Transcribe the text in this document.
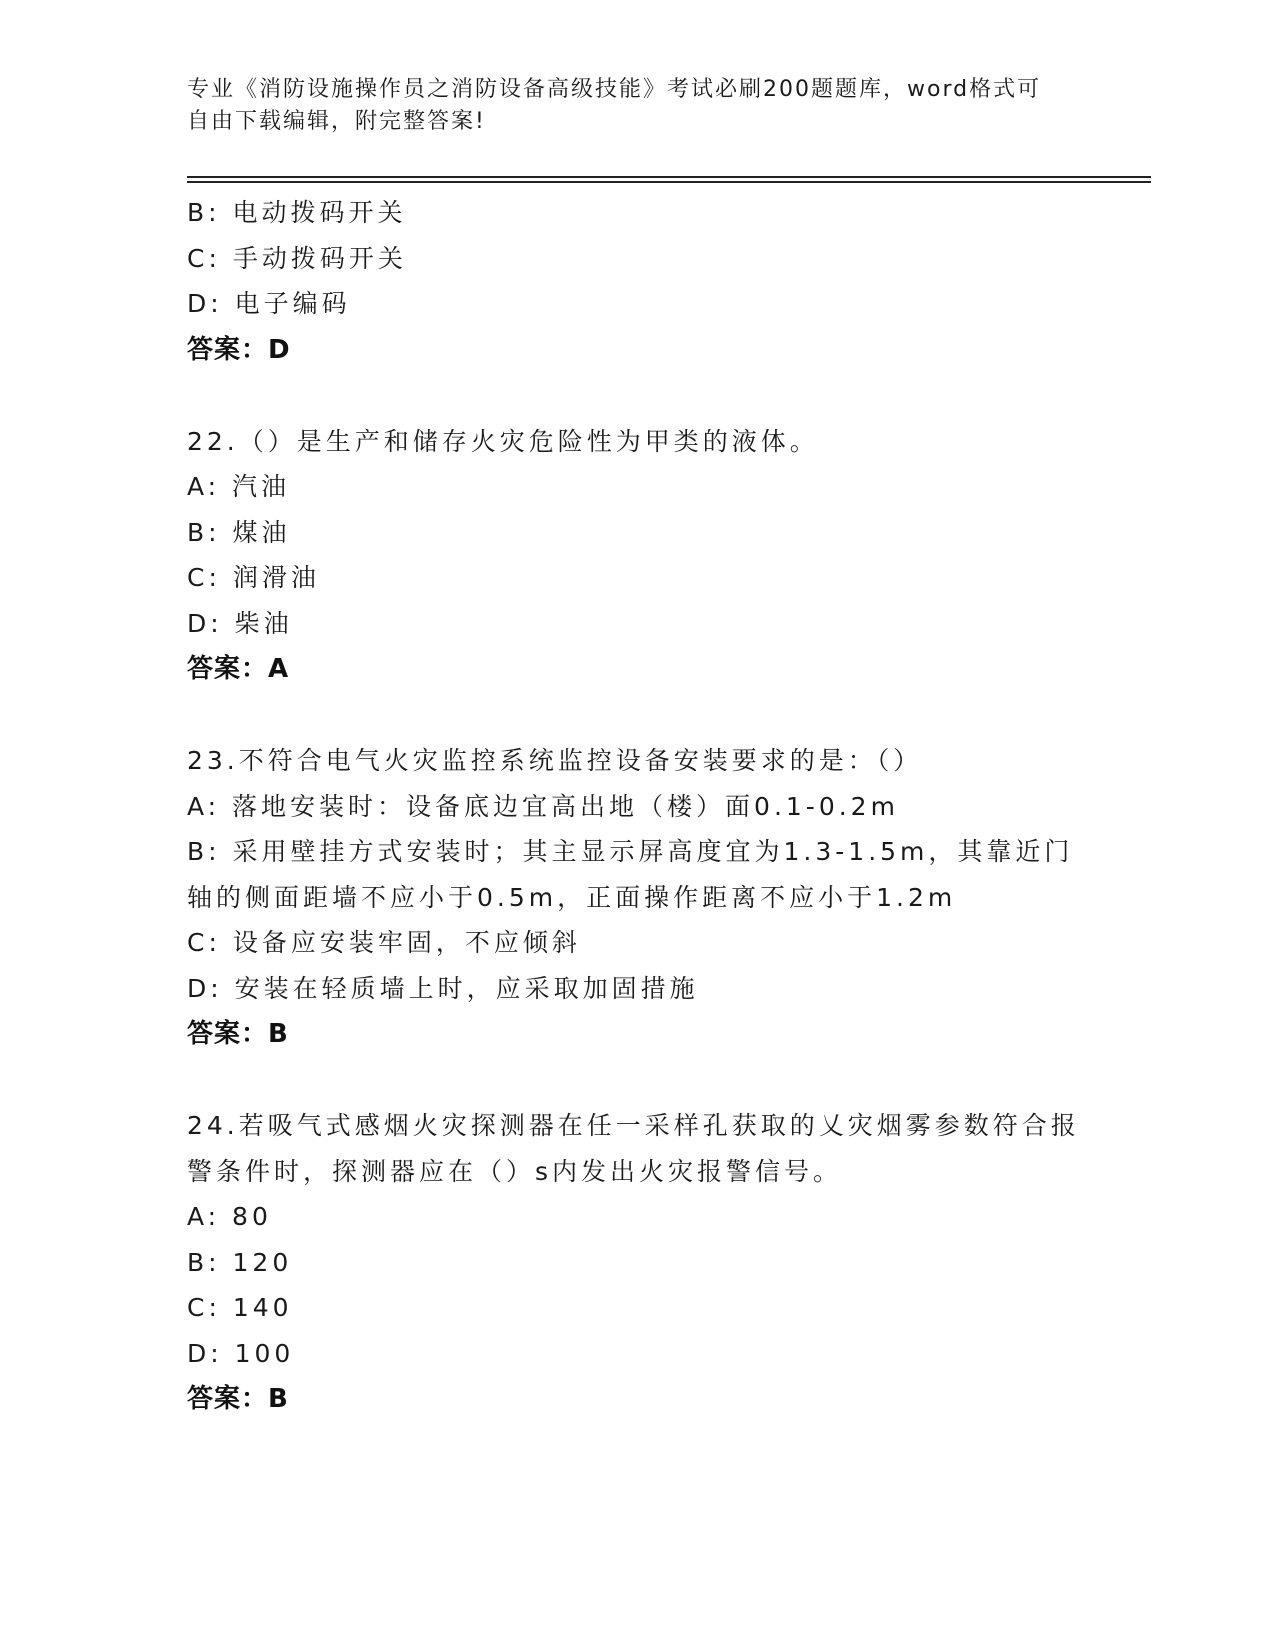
专业《消防设施操作员之消防设备高级技能》考试必刷200题题库，word格式可
自由下载编辑，附完整答案!
B: 电动拨码开关
C: 手动拨码开关
D: 电子编码
答案：D
22.（）是生产和储存火灾危险性为甲类的液体。
A: 汽油
B: 煤油
C: 润滑油
D: 柴油
答案：A
23.不符合电气火灾监控系统监控设备安装要求的是：（）
A: 落地安装时：设备底边宜高出地（楼）面0.1-0.2m
B: 采用壁挂方式安装时；其主显示屏高度宜为1.3-1.5m，其靠近门轴的侧面距墙不应小于0.5m，正面操作距离不应小于1.2m
C: 设备应安装牢固，不应倾斜
D: 安装在轻质墙上时，应采取加固措施
答案：B
24.若吸气式感烟火灾探测器在任一采样孔获取的乂灾烟雾参数符合报警条件时，探测器应在（）s内发出火灾报警信号。
A: 80
B: 120
C: 140
D: 100
答案：B
